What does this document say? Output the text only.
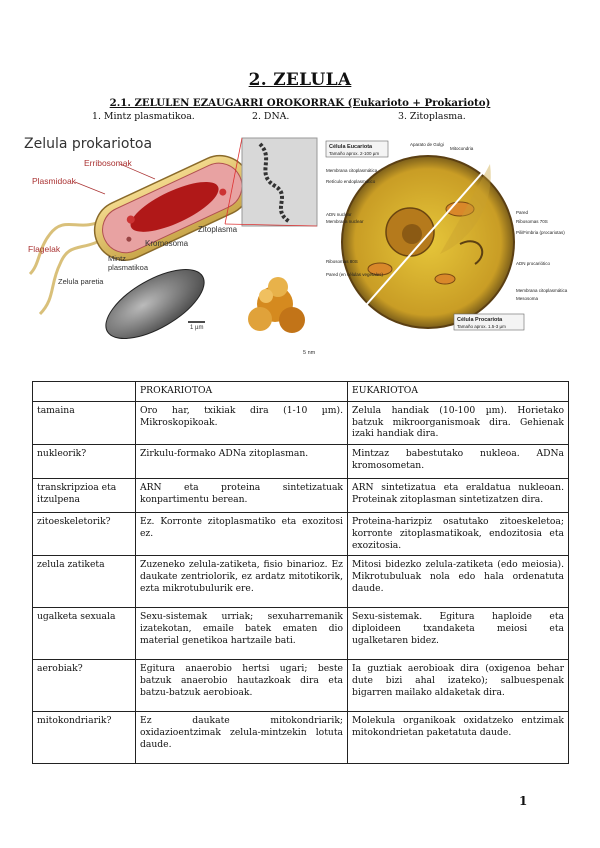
2. ZELULA
2.1. ZELULEN EZAUGARRI OROKORRAK (Eukarioto + Prokarioto)
1. Mintz plasmatikoa.	2. DNA.	3. Zitoplasma.
Zelula prokariotoa
Erribosomak
Plasmidoak
Zitoplasma
Kromosoma
Flagelak
Mintz
plasmatikoa
Zelula paretia
1 µm
5 nm
Célula Eucariota
Tamaño aprox. 2-100 µm
Aparato de Golgi
Mitocondria
Membrana citoplasmática
Retículo endoplasmático
ADN nuclear
Membrana nuclear
Ribosomas 80S
Pared (en células vegetales)
Pared
Ribosomas 70S
Pili/Fimbria (procariotas)
ADN procariótico
Membrana citoplasmática
Mesosoma
Célula Procariota
Tamaño aprox. 1.5-3 µm
	PROKARIOTOA	EUKARIOTOA
tamaina	Oro har, txikiak dira (1-10 µm). Mikroskopikoak.	Zelula handiak (10-100 µm). Horietako batzuk mikroorganismoak dira. Gehienak izaki handiak dira.
nukleorik?	Zirkulu-formako ADNa zitoplasman.	Mintzaz babestutako nukleoa. ADNa kromosometan.
transkripzioa eta itzulpena	ARN eta proteina sintetizatuak konpartimentu berean.	ARN sintetizatua eta eraldatua nukleoan. Proteinak zitoplasman sintetizatzen dira.
zitoeskeletorik?	Ez. Korronte zitoplasmatiko eta exozitosi ez.	Proteina-harizpiz osatutako zitoeskeletoa; korronte zitoplasmatikoak, endozitosia eta exozitosia.
zelula zatiketa	Zuzeneko zelula-zatiketa, fisio binarioz. Ez daukate zentriolorik, ez ardatz mitotikorik, ezta mikrotubulurik ere.	Mitosi bidezko zelula-zatiketa (edo meiosia). Mikrotubuluak nola edo hala ordenatuta daude.
ugalketa sexuala	Sexu-sistemak urriak; sexuharremanik izatekotan, emaile batek ematen dio material genetikoa hartzaile bati.	Sexu-sistemak. Egitura haploide eta diploideen txandaketa meiosi eta ugalketaren bidez.
aerobiak?	Egitura anaerobio hertsi ugari; beste batzuk anaerobio hautazkoak dira eta batzu-batzuk aerobioak.	Ia guztiak aerobioak dira (oxigenoa behar dute bizi ahal izateko); salbuespenak bigarren mailako aldaketak dira.
mitokondriarik?	Ez daukate mitokondriarik; oxidazioentzimak zelula-mintzekin lotuta daude.	Molekula organikoak oxidatzeko entzimak mitokondrietan paketatuta daude.
1
